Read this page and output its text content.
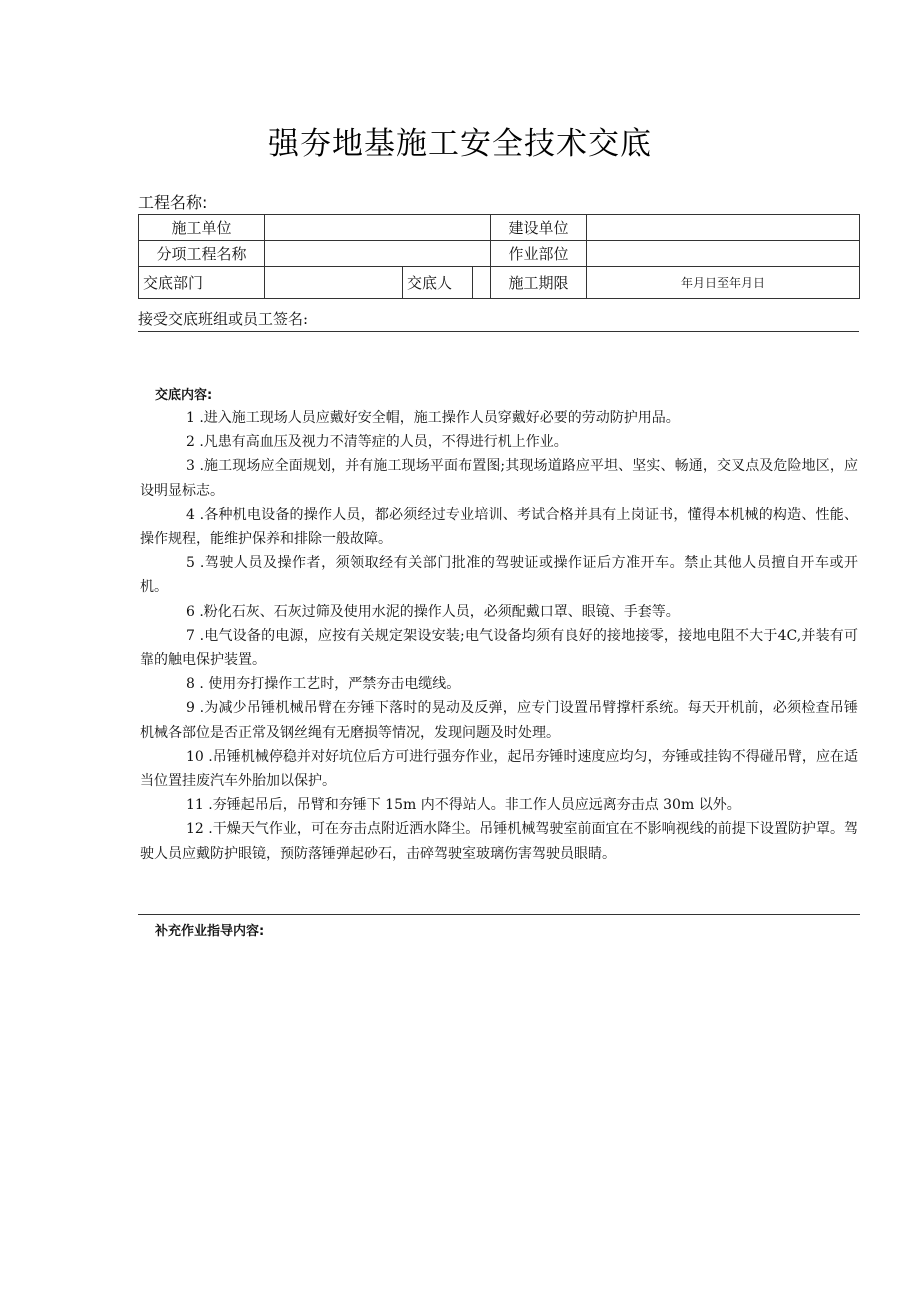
强夯地基施工安全技术交底
工程名称:
施工单位				建设单位	
分项工程名称				作业部位	
交底部门		交底人		施工期限	年月日至年月日
接受交底班组或员工签名:
交底内容:

1 .进入施工现场人员应戴好安全帽，施工操作人员穿戴好必要的劳动防护用品。

2 .凡患有高血压及视力不清等症的人员，不得进行机上作业。

3 .施工现场应全面规划，并有施工现场平面布置图;其现场道路应平坦、坚实、畅通，交叉点及危险地区，应设明显标志。

4 .各种机电设备的操作人员，都必须经过专业培训、考试合格并具有上岗证书，懂得本机械的构造、性能、操作规程，能维护保养和排除一般故障。

5 .驾驶人员及操作者，须领取经有关部门批准的驾驶证或操作证后方准开车。禁止其他人员擅自开车或开机。

6 .粉化石灰、石灰过筛及使用水泥的操作人员，必须配戴口罩、眼镜、手套等。

7 .电气设备的电源，应按有关规定架设安装;电气设备均须有良好的接地接零，接地电阻不大于4C,并装有可靠的触电保护装置。

8 . 使用夯打操作工艺时，严禁夯击电缆线。

9 .为减少吊锤机械吊臂在夯锤下落时的晃动及反弹，应专门设置吊臂撑杆系统。每天开机前，必须检查吊锤机械各部位是否正常及钢丝绳有无磨损等情况，发现问题及时处理。

10 .吊锤机械停稳并对好坑位后方可进行强夯作业，起吊夯锤时速度应均匀，夯锤或挂钩不得碰吊臂，应在适当位置挂废汽车外胎加以保护。

11 .夯锤起吊后，吊臂和夯锤下 15m 内不得站人。非工作人员应远离夯击点 30m 以外。

12 .干燥天气作业，可在夯击点附近洒水降尘。吊锤机械驾驶室前面宜在不影响视线的前提下设置防护罩。驾驶人员应戴防护眼镜，预防落锤弹起砂石，击碎驾驶室玻璃伤害驾驶员眼睛。

补充作业指导内容:
